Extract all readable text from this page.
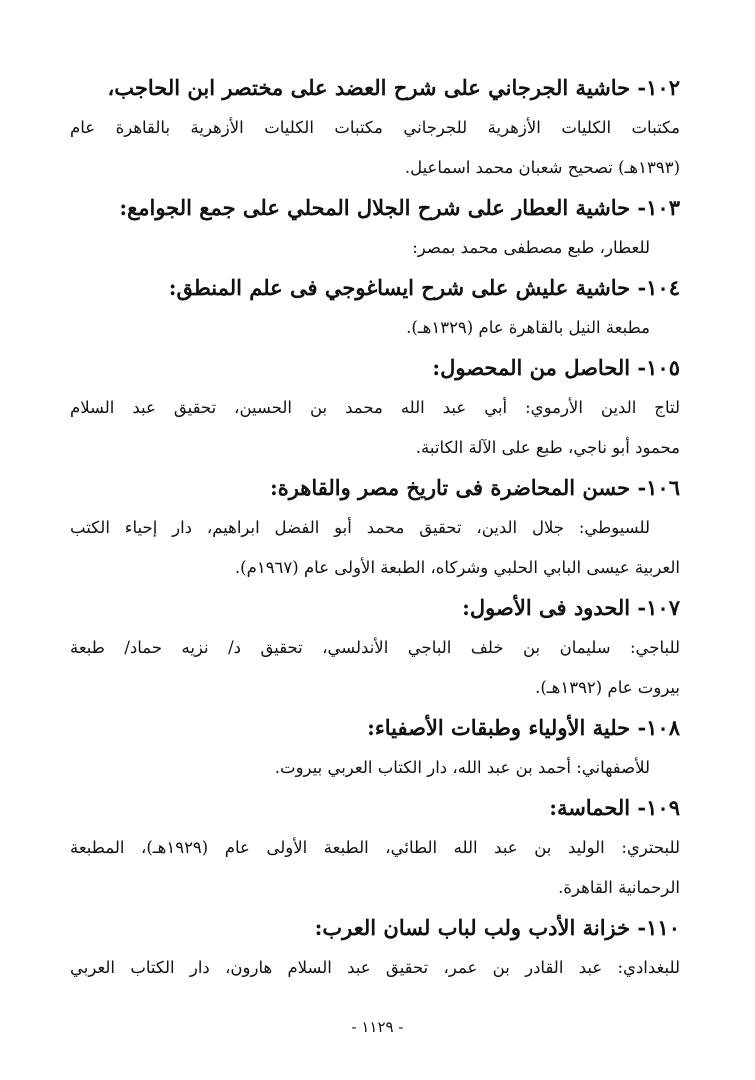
١٠٢- حاشية الجرجاني على شرح العضد على مختصر ابن الحاجب،
مكتبات الكليات الأزهرية للجرجاني مكتبات الكليات الأزهرية بالقاهرة عام
(١٣٩٣هـ) تصحيح شعبان محمد اسماعيل.
١٠٣- حاشية العطار على شرح الجلال المحلي على جمع الجوامع:
للعطار، طبع مصطفى محمد بمصر:
١٠٤- حاشية عليش على شرح ايساغوجي فى علم المنطق:
مطبعة النيل بالقاهرة عام (١٣٢٩هـ).
١٠٥- الحاصل من المحصول:
لتاج الدين الأرموي: أبي عبد الله محمد بن الحسين، تحقيق عبد السلام
محمود أبو ناجي، طبع على الآلة الكاتبة.
١٠٦- حسن المحاضرة فى تاريخ مصر والقاهرة:
للسيوطي: جلال الدين، تحقيق محمد أبو الفضل ابراهيم، دار إحياء الكتب
العربية عيسى البابي الحلبي وشركاه، الطبعة الأولى عام (١٩٦٧م).
١٠٧- الحدود فى الأصول:
للباجي: سليمان بن خلف الباجي الأندلسي، تحقيق د/ نزيه حماد/ طبعة
بيروت عام (١٣٩٢هـ).
١٠٨- حلية الأولياء وطبقات الأصفياء:
للأصفهاني: أحمد بن عبد الله، دار الكتاب العربي بيروت.
١٠٩- الحماسة:
للبحتري: الوليد بن عبد الله الطائي، الطبعة الأولى عام (١٩٢٩هـ)، المطبعة
الرحمانية القاهرة.
١١٠- خزانة الأدب ولب لباب لسان العرب:
للبغدادي: عبد القادر بن عمر، تحقيق عبد السلام هارون، دار الكتاب العربي
- ١١٢٩ -
